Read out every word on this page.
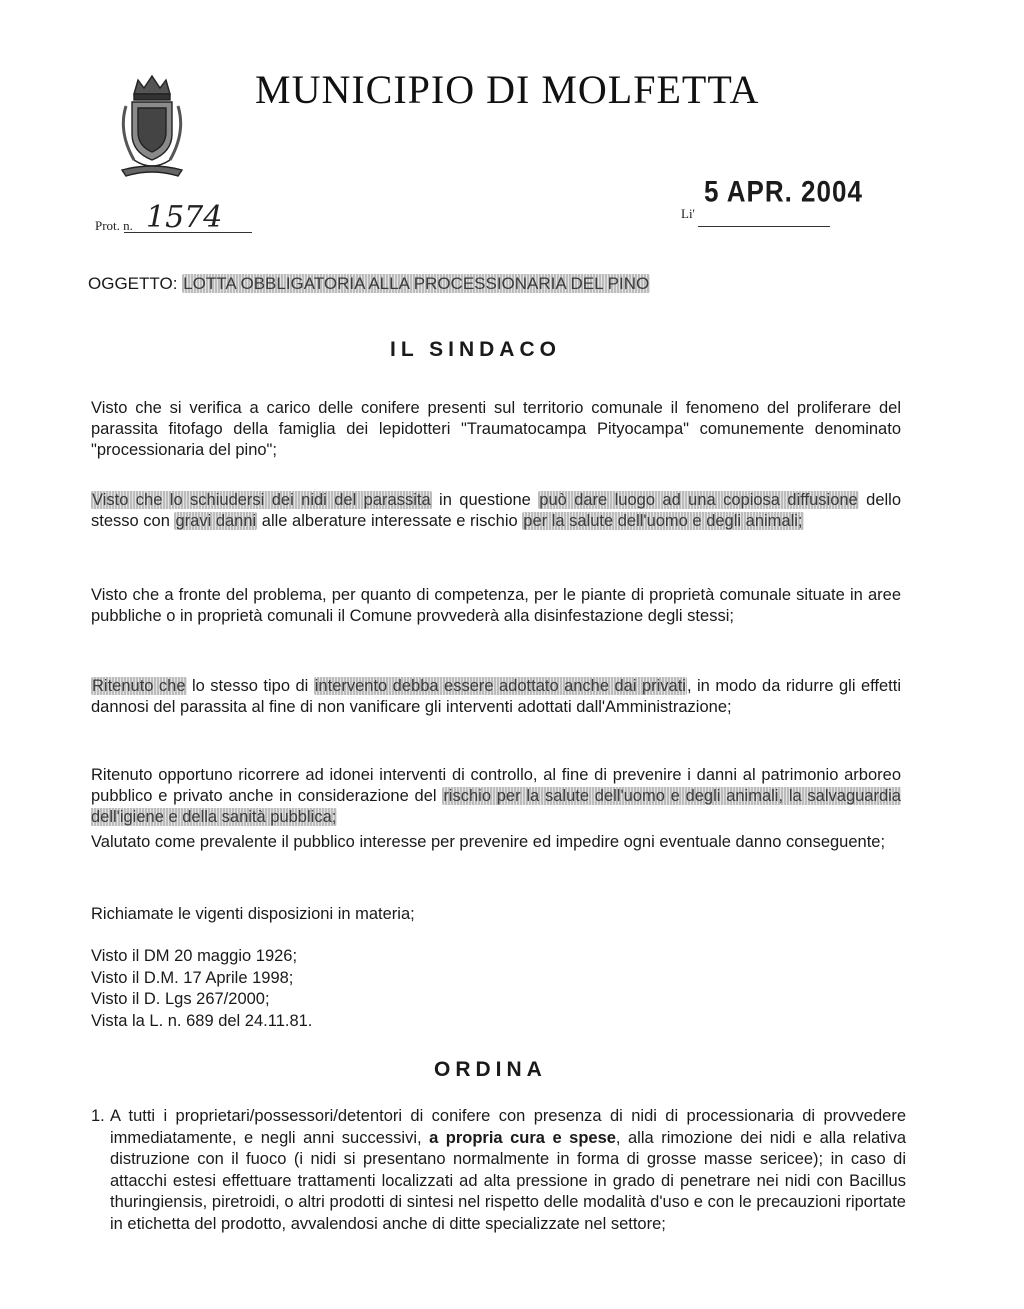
MUNICIPIO DI MOLFETTA
Prot. n. 1574
5 APR. 2004
Li'
OGGETTO: LOTTA OBBLIGATORIA ALLA PROCESSIONARIA DEL PINO
IL SINDACO
Visto che si verifica a carico delle conifere presenti sul territorio comunale il fenomeno del proliferare del parassita fitofago della famiglia dei lepidotteri "Traumatocampa Pityocampa" comunemente denominato "processionaria del pino";
Visto che lo schiudersi dei nidi del parassita in questione può dare luogo ad una copiosa diffusione dello stesso con gravi danni alle alberature interessate e rischio per la salute dell'uomo e degli animali;
Visto che a fronte del problema, per quanto di competenza, per le piante di proprietà comunale situate in aree pubbliche o in proprietà comunali il Comune provvederà alla disinfestazione degli stessi;
Ritenuto che lo stesso tipo di intervento debba essere adottato anche dai privati, in modo da ridurre gli effetti dannosi del parassita al fine di non vanificare gli interventi adottati dall'Amministrazione;
Ritenuto opportuno ricorrere ad idonei interventi di controllo, al fine di prevenire i danni al patrimonio arboreo pubblico e privato anche in considerazione del rischio per la salute dell'uomo e degli animali, la salvaguardia dell'igiene e della sanità pubblica;
Valutato come prevalente il pubblico interesse per prevenire ed impedire ogni eventuale danno conseguente;
Richiamate le vigenti disposizioni in materia;
Visto il DM 20 maggio 1926;
Visto il D.M. 17 Aprile 1998;
Visto il D. Lgs 267/2000;
Vista la L. n. 689 del 24.11.81.
ORDINA
1. A tutti i proprietari/possessori/detentori di conifere con presenza di nidi di processionaria di provvedere immediatamente, e negli anni successivi, a propria cura e spese, alla rimozione dei nidi e alla relativa distruzione con il fuoco (i nidi si presentano normalmente in forma di grosse masse sericee); in caso di attacchi estesi effettuare trattamenti localizzati ad alta pressione in grado di penetrare nei nidi con Bacillus thuringiensis, piretroidi, o altri prodotti di sintesi nel rispetto delle modalità d'uso e con le precauzioni riportate in etichetta del prodotto, avvalendosi anche di ditte specializzate nel settore;
